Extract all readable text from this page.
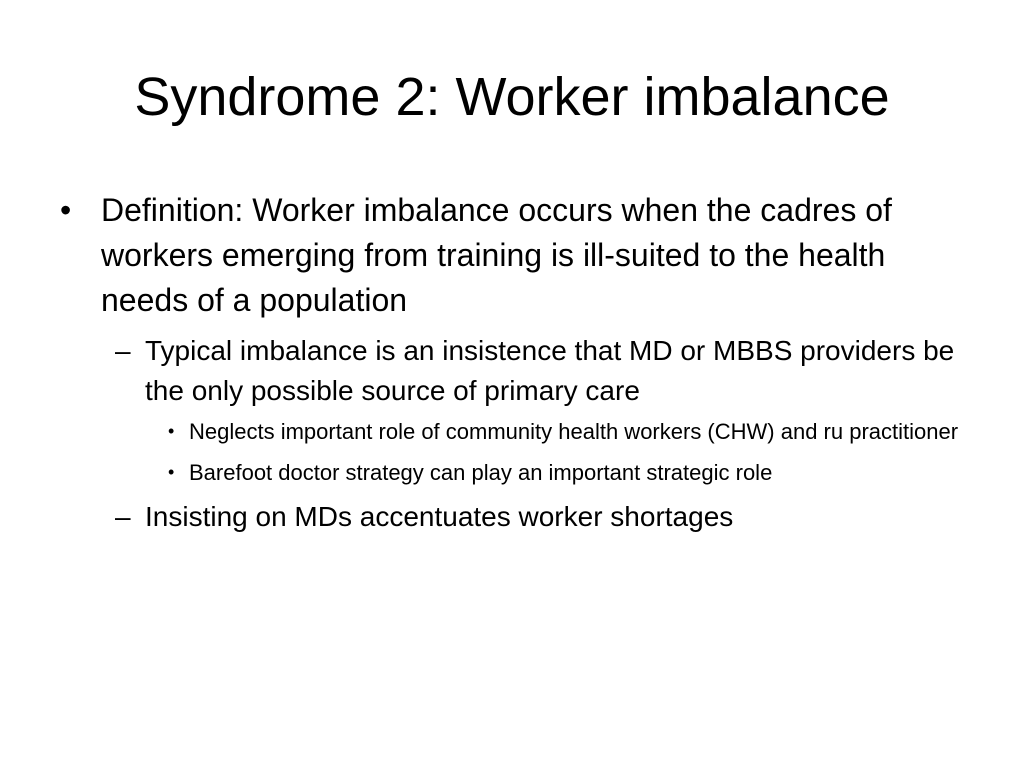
Syndrome 2: Worker imbalance
• Definition: Worker imbalance occurs when the cadres of workers emerging from training is ill-suited to the health needs of a population
– Typical imbalance is an insistence that MD or MBBS providers be the only possible source of primary care
• Neglects important role of community health workers (CHW) and ru practitioner
• Barefoot doctor strategy can play an important strategic role
– Insisting on MDs accentuates worker shortages
